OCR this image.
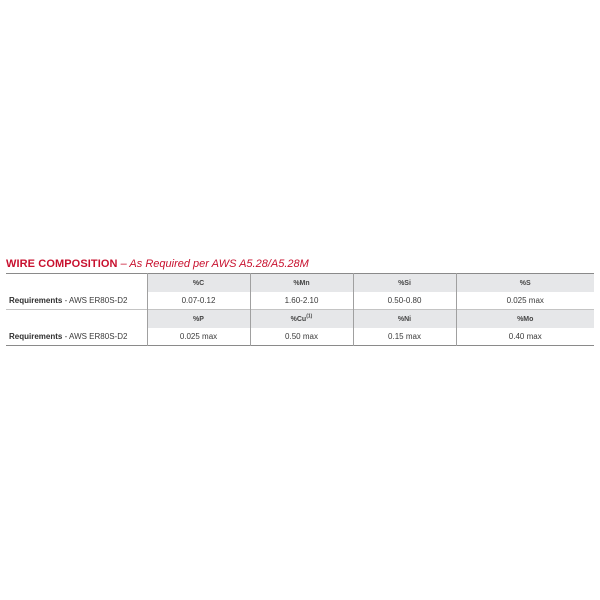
WIRE COMPOSITION – As Required per AWS A5.28/A5.28M
	%C	%Mn	%Si	%S
Requirements - AWS ER80S-D2	0.07-0.12	1.60-2.10	0.50-0.80	0.025 max
	%P	%Cu$^{(1)}$	%Ni	%Mo
Requirements - AWS ER80S-D2	0.025 max	0.50 max	0.15 max	0.40 max
